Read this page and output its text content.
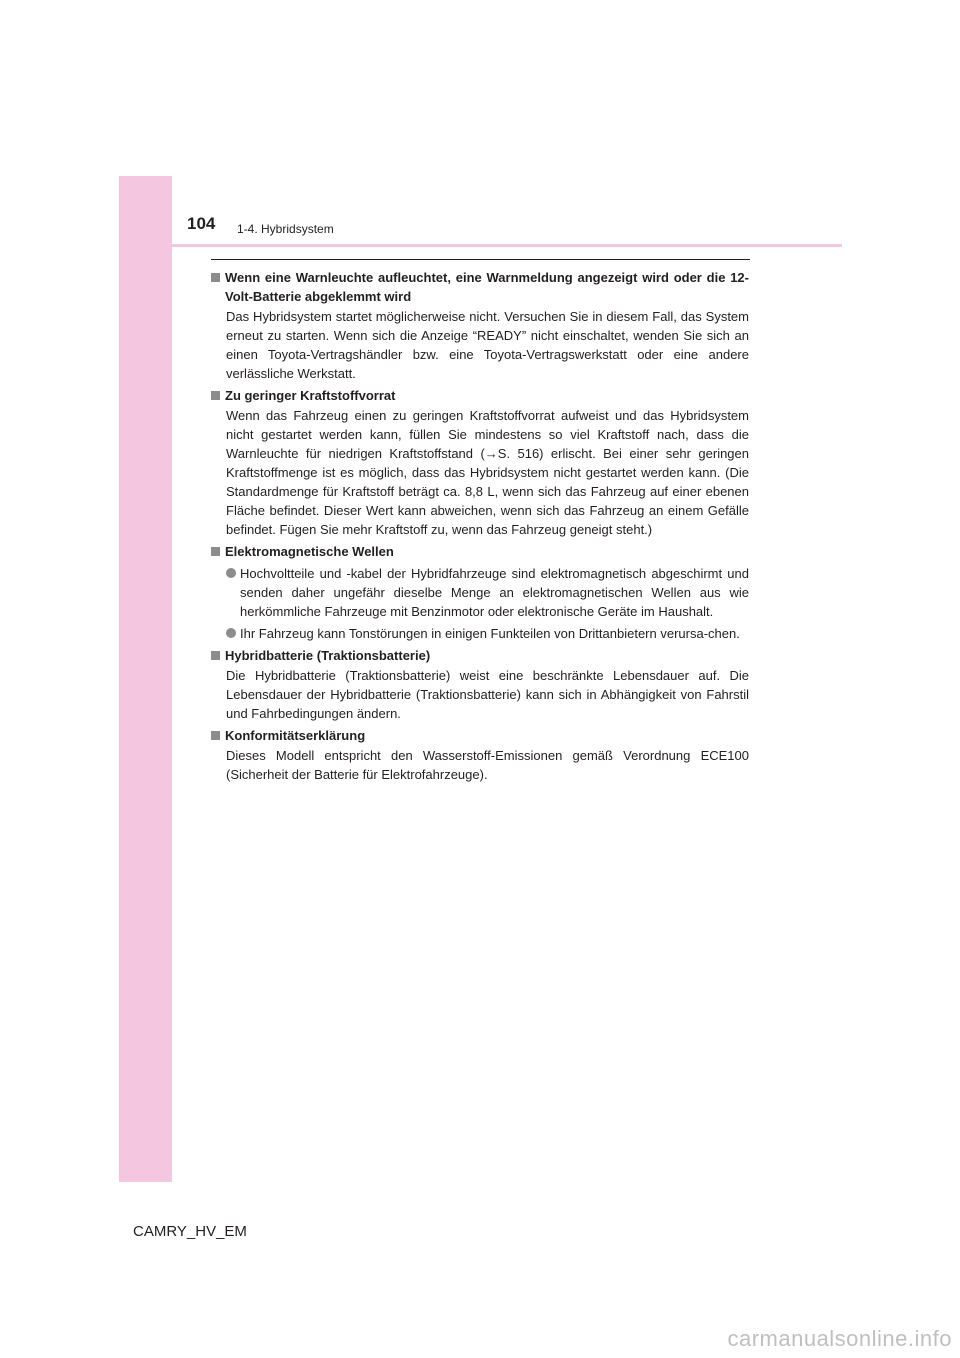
104 1-4. Hybridsystem
Wenn eine Warnleuchte aufleuchtet, eine Warnmeldung angezeigt wird oder die 12-Volt-Batterie abgeklemmt wird
Das Hybridsystem startet möglicherweise nicht. Versuchen Sie in diesem Fall, das System erneut zu starten. Wenn sich die Anzeige “READY” nicht einschaltet, wenden Sie sich an einen Toyota-Vertragshändler bzw. eine Toyota-Vertragswerkstatt oder eine andere verlässliche Werkstatt.
Zu geringer Kraftstoffvorrat
Wenn das Fahrzeug einen zu geringen Kraftstoffvorrat aufweist und das Hybridsystem nicht gestartet werden kann, füllen Sie mindestens so viel Kraftstoff nach, dass die Warnleuchte für niedrigen Kraftstoffstand (→S. 516) erlischt. Bei einer sehr geringen Kraftstoffmenge ist es möglich, dass das Hybridsystem nicht gestartet werden kann. (Die Standardmenge für Kraftstoff beträgt ca. 8,8 L, wenn sich das Fahrzeug auf einer ebenen Fläche befindet. Dieser Wert kann abweichen, wenn sich das Fahrzeug an einem Gefälle befindet. Fügen Sie mehr Kraftstoff zu, wenn das Fahrzeug geneigt steht.)
Elektromagnetische Wellen
Hochvoltteile und -kabel der Hybridfahrzeuge sind elektromagnetisch abgeschirmt und senden daher ungefähr dieselbe Menge an elektromagnetischen Wellen aus wie herkömmliche Fahrzeuge mit Benzinmotor oder elektronische Geräte im Haushalt.
Ihr Fahrzeug kann Tonstörungen in einigen Funkteilen von Drittanbietern verursa-chen.
Hybridbatterie (Traktionsbatterie)
Die Hybridbatterie (Traktionsbatterie) weist eine beschränkte Lebensdauer auf. Die Lebensdauer der Hybridbatterie (Traktionsbatterie) kann sich in Abhängigkeit von Fahrstil und Fahrbedingungen ändern.
Konformitätserklärung
Dieses Modell entspricht den Wasserstoff-Emissionen gemäß Verordnung ECE100 (Sicherheit der Batterie für Elektrofahrzeuge).
CAMRY_HV_EM
carmanualsonline.info
